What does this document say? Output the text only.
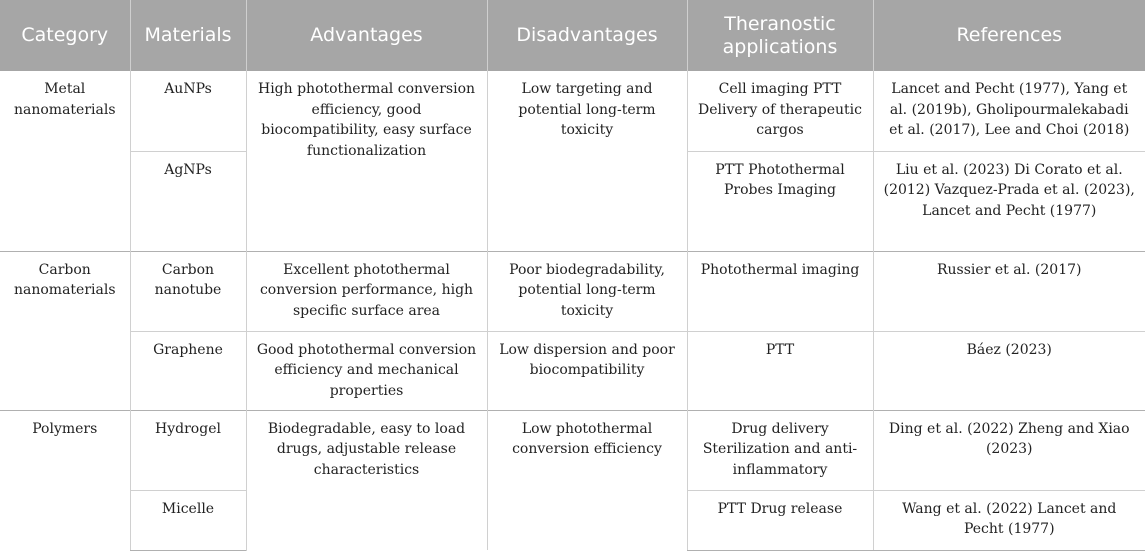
Category	Materials	Advantages	Disadvantages	Theranostic applications	References
Metal nanomaterials	AuNPs	High photothermal conversion efficiency, good biocompatibility, easy surface functionalization	Low targeting and potential long-term toxicity	Cell imaging PTT Delivery of therapeutic cargos	Lancet and Pecht (1977), Yang et al. (2019b), Gholipourmalekabadi et al. (2017), Lee and Choi (2018)
	AgNPs			PTT Photothermal Probes Imaging	Liu et al. (2023) Di Corato et al. (2012) Vazquez-Prada et al. (2023), Lancet and Pecht (1977)
Carbon nanomaterials	Carbon nanotube	Excellent photothermal conversion performance, high specific surface area	Poor biodegradability, potential long-term toxicity	Photothermal imaging	Russier et al. (2017)
	Graphene	Good photothermal conversion efficiency and mechanical properties	Low dispersion and poor biocompatibility	PTT	Báez (2023)
Polymers	Hydrogel	Biodegradable, easy to load drugs, adjustable release characteristics	Low photothermal conversion efficiency	Drug delivery Sterilization and anti-inflammatory	Ding et al. (2022) Zheng and Xiao (2023)
	Micelle			PTT Drug release	Wang et al. (2022) Lancet and Pecht (1977)
